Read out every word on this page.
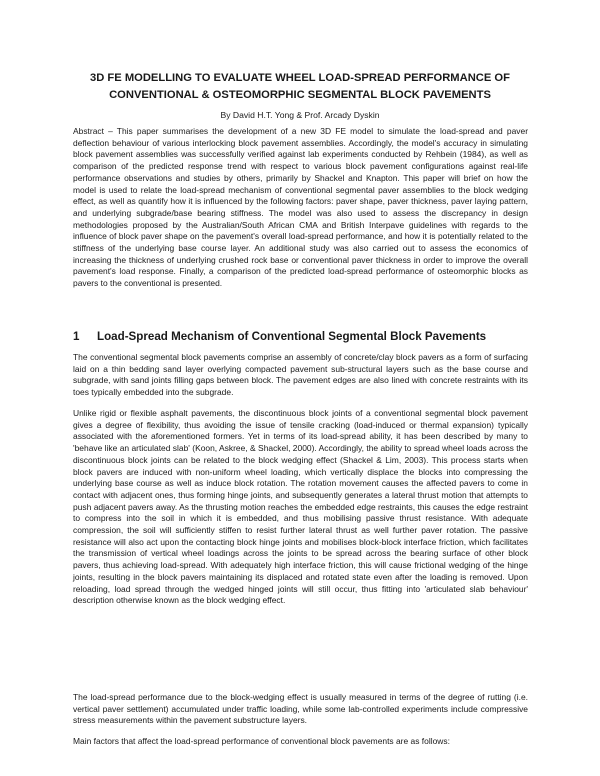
3D FE MODELLING TO EVALUATE WHEEL LOAD-SPREAD PERFORMANCE OF
CONVENTIONAL & OSTEOMORPHIC SEGMENTAL BLOCK PAVEMENTS

By David H.T. Yong & Prof. Arcady Dyskin

Abstract – This paper summarises the development of a new 3D FE model to simulate the load-spread and paver deflection behaviour of various interlocking block pavement assemblies. Accordingly, the model's accuracy in simulating block pavement assemblies was successfully verified against lab experiments conducted by Rehbein (1984), as well as comparison of the predicted response trend with respect to various block pavement configurations against real-life performance observations and studies by others, primarily by Shackel and Knapton. This paper will brief on how the model is used to relate the load-spread mechanism of conventional segmental paver assemblies to the block wedging effect, as well as quantify how it is influenced by the following factors: paver shape, paver thickness, paver laying pattern, and underlying subgrade/base bearing stiffness. The model was also used to assess the discrepancy in design methodologies proposed by the Australian/South African CMA and British Interpave guidelines with regards to the influence of block paver shape on the pavement's overall load-spread performance, and how it is potentially related to the stiffness of the underlying base course layer. An additional study was also carried out to assess the economics of increasing the thickness of underlying crushed rock base or conventional paver thickness in order to improve the overall pavement's load response. Finally, a comparison of the predicted load-spread performance of osteomorphic blocks as pavers to the conventional is presented.

1 Load-Spread Mechanism of Conventional Segmental Block Pavements

The conventional segmental block pavements comprise an assembly of concrete/clay block pavers as a form of surfacing laid on a thin bedding sand layer overlying compacted pavement sub-structural layers such as the base course and subgrade, with sand joints filling gaps between block. The pavement edges are also lined with concrete restraints with its toes typically embedded into the subgrade.

Unlike rigid or flexible asphalt pavements, the discontinuous block joints of a conventional segmental block pavement gives a degree of flexibility, thus avoiding the issue of tensile cracking (load-induced or thermal expansion) typically associated with the aforementioned formers. Yet in terms of its load-spread ability, it has been described by many to 'behave like an articulated slab' (Koon, Askree, & Shackel, 2000). Accordingly, the ability to spread wheel loads across the discontinuous block joints can be related to the block wedging effect (Shackel & Lim, 2003). This process starts when block pavers are induced with non-uniform wheel loading, which vertically displace the blocks into compressing the underlying base course as well as induce block rotation. The rotation movement causes the affected pavers to come in contact with adjacent ones, thus forming hinge joints, and subsequently generates a lateral thrust motion that attempts to push adjacent pavers away. As the thrusting motion reaches the embedded edge restraints, this causes the edge restraint to compress into the soil in which it is embedded, and thus mobilising passive thrust resistance. With adequate compression, the soil will sufficiently stiffen to resist further lateral thrust as well further paver rotation. The passive resistance will also act upon the contacting block hinge joints and mobilises block-block interface friction, which facilitates the transmission of vertical wheel loadings across the joints to be spread across the bearing surface of other block pavers, thus achieving load-spread. With adequately high interface friction, this will cause frictional wedging of the hinge joints, resulting in the block pavers maintaining its displaced and rotated state even after the loading is removed. Upon reloading, load spread through the wedged hinged joints will still occur, thus fitting into 'articulated slab behaviour' description otherwise known as the block wedging effect.

The load-spread performance due to the block-wedging effect is usually measured in terms of the degree of rutting (i.e. vertical paver settlement) accumulated under traffic loading, while some lab-controlled experiments include compressive stress measurements within the pavement substructure layers.

Main factors that affect the load-spread performance of conventional block pavements are as follows:
